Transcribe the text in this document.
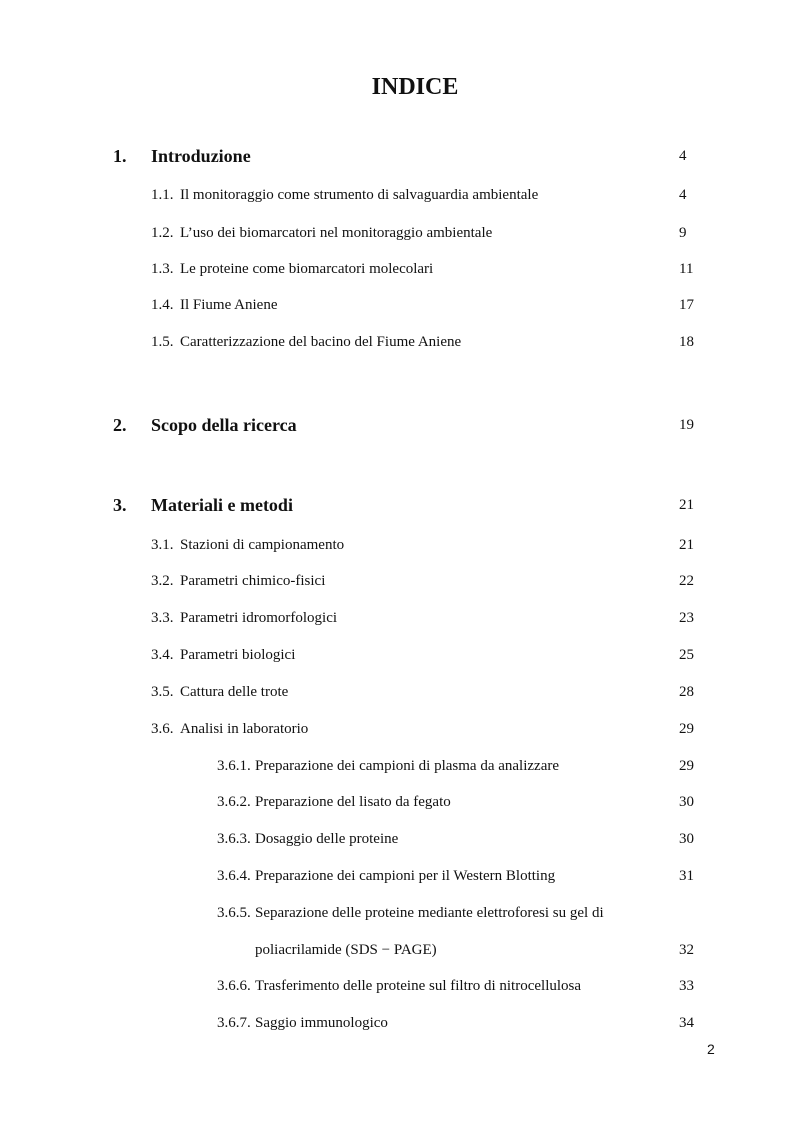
INDICE
1. Introduzione	4
1.1. Il monitoraggio come strumento di salvaguardia ambientale	4
1.2. L’uso dei biomarcatori nel monitoraggio ambientale	9
1.3. Le proteine come biomarcatori molecolari	11
1.4. Il Fiume Aniene	17
1.5. Caratterizzazione del bacino del Fiume Aniene	18
2. Scopo della ricerca	19
3. Materiali e metodi	21
3.1. Stazioni di campionamento	21
3.2. Parametri chimico-fisici	22
3.3. Parametri idromorfologici	23
3.4. Parametri biologici	25
3.5. Cattura delle trote	28
3.6. Analisi in laboratorio	29
3.6.1. Preparazione dei campioni di plasma da analizzare	29
3.6.2. Preparazione del lisato da fegato	30
3.6.3. Dosaggio delle proteine	30
3.6.4. Preparazione dei campioni per il Western Blotting	31
3.6.5. Separazione delle proteine mediante elettroforesi su gel di
poliacrilamide (SDS − PAGE)	32
3.6.6. Trasferimento delle proteine sul filtro di nitrocellulosa	33
3.6.7. Saggio immunologico	34
2
